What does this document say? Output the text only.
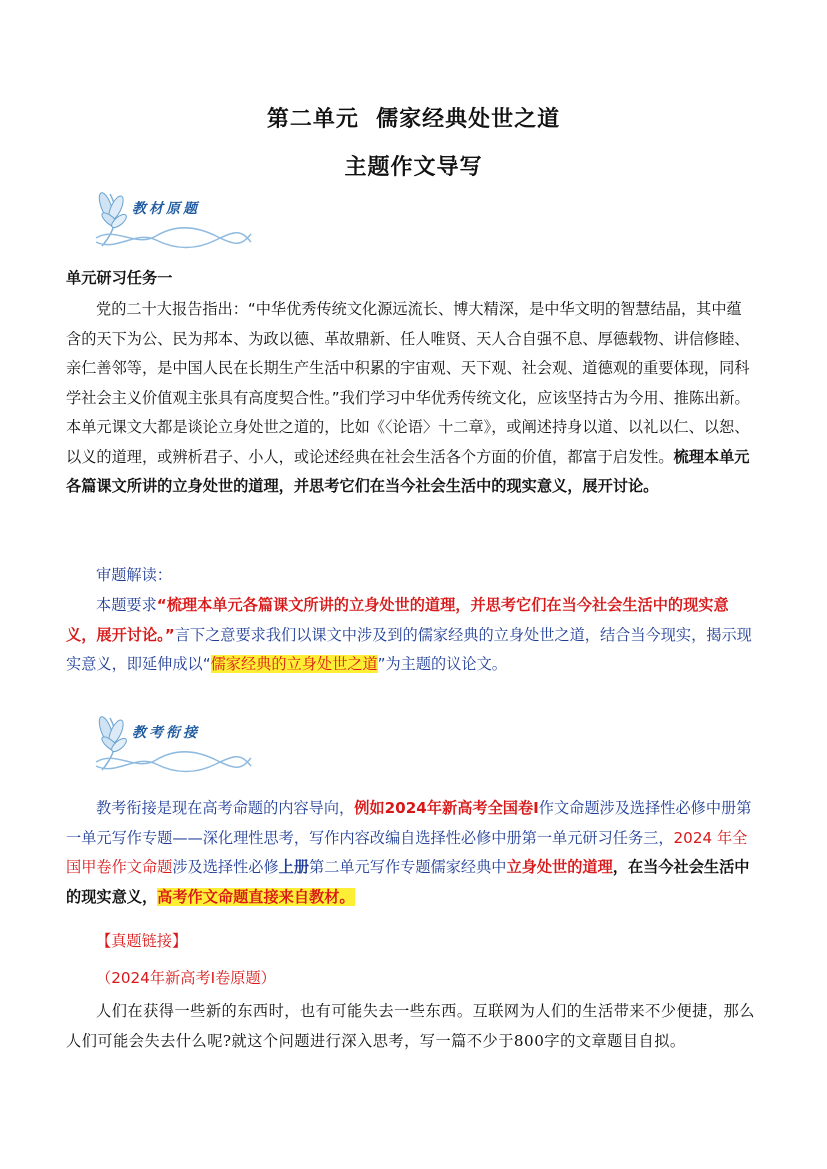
第二单元  儒家经典处世之道
主题作文导写
教材原题
单元研习任务一
党的二十大报告指出：“中华优秀传统文化源远流长、博大精深，是中华文明的智慧结晶，其中蕴含的天下为公、民为邦本、为政以德、革故鼎新、任人唯贤、天人合自强不息、厚德载物、讲信修睦、亲仁善邻等，是中国人民在长期生产生活中积累的宇宙观、天下观、社会观、道德观的重要体现，同科学社会主义价值观主张具有高度契合性。”我们学习中华优秀传统文化，应该坚持古为今用、推陈出新。本单元课文大都是谈论立身处世之道的，比如《〈论语〉十二章》，或阐述持身以道、以礼以仁、以恕、以义的道理，或辨析君子、小人，或论述经典在社会生活各个方面的价值，都富于启发性。梳理本单元各篇课文所讲的立身处世的道理，并思考它们在当今社会生活中的现实意义，展开讨论。
审题解读：
本题要求“梳理本单元各篇课文所讲的立身处世的道理，并思考它们在当今社会生活中的现实意义，展开讨论。”言下之意要求我们以课文中涉及到的儒家经典的立身处世之道，结合当今现实，揭示现实意义，即延伸成以“儒家经典的立身处世之道”为主题的议论文。
教考衔接
教考衔接是现在高考命题的内容导向，例如2024年新高考全国卷Ⅰ作文命题涉及选择性必修中册第一单元写作专题——深化理性思考，写作内容改编自选择性必修中册第一单元研习任务三，2024 年全国甲卷作文命题涉及选择性必修上册第二单元写作专题儒家经典中立身处世的道理，在当今社会生活中的现实意义，高考作文命题直接来自教材。
【真题链接】
（2024年新高考Ⅰ卷原题）
人们在获得一些新的东西时，也有可能失去一些东西。互联网为人们的生活带来不少便捷，那么人们可能会失去什么呢?就这个问题进行深入思考，写一篇不少于800字的文章题目自拟。
